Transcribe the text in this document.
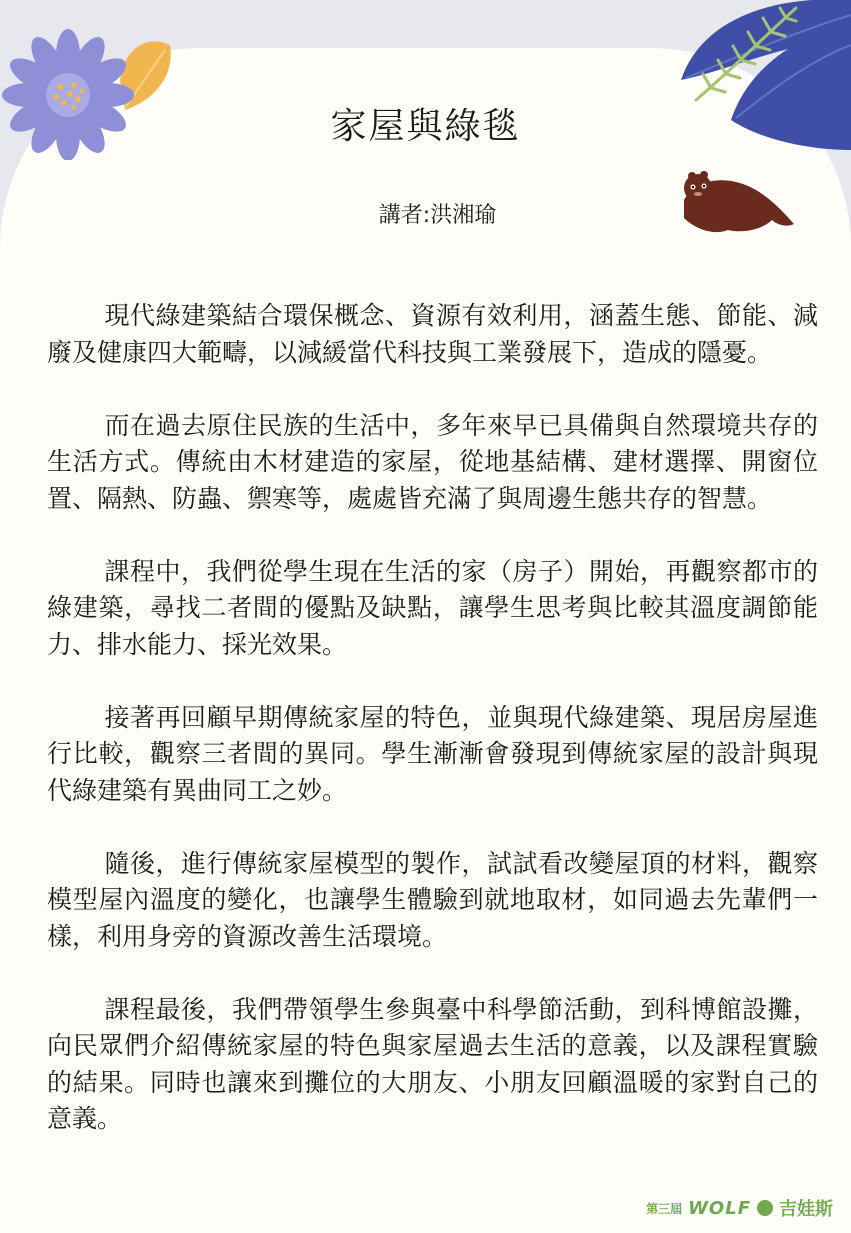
家屋與綠毯
講者:洪湘瑜

現代綠建築結合環保概念、資源有效利用，涵蓋生態、節能、減廢及健康四大範疇，以減緩當代科技與工業發展下，造成的隱憂。

而在過去原住民族的生活中，多年來早已具備與自然環境共存的生活方式。傳統由木材建造的家屋，從地基結構、建材選擇、開窗位置、隔熱、防蟲、禦寒等，處處皆充滿了與周邊生態共存的智慧。

課程中，我們從學生現在生活的家（房子）開始，再觀察都市的綠建築，尋找二者間的優點及缺點，讓學生思考與比較其溫度調節能力、排水能力、採光效果。

接著再回顧早期傳統家屋的特色，並與現代綠建築、現居房屋進行比較，觀察三者間的異同。學生漸漸會發現到傳統家屋的設計與現代綠建築有異曲同工之妙。

隨後，進行傳統家屋模型的製作，試試看改變屋頂的材料，觀察模型屋內溫度的變化，也讓學生體驗到就地取材，如同過去先輩們一樣，利用身旁的資源改善生活環境。

課程最後，我們帶領學生參與臺中科學節活動，到科博館設攤，向民眾們介紹傳統家屋的特色與家屋過去生活的意義，以及課程實驗的結果。同時也讓來到攤位的大朋友、小朋友回顧溫暖的家對自己的意義。

第三屆 WOLF 吉娃斯
